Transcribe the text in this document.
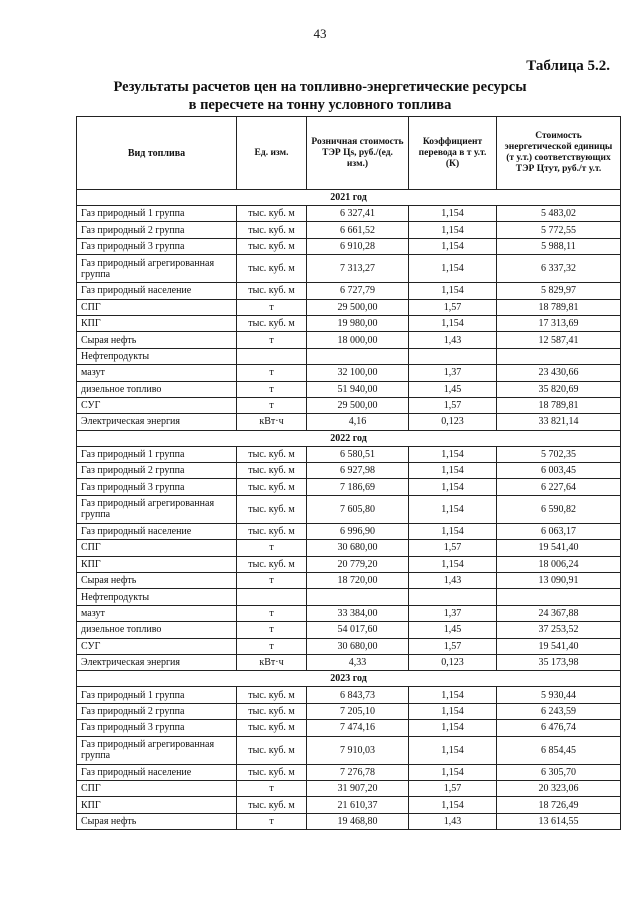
43
Таблица 5.2.
Результаты расчетов цен на топливно-энергетические ресурсы
в пересчете на тонну условного топлива
Вид топлива	Ед. изм.	Розничная стоимость ТЭР Цs, руб./(ед. изм.)	Коэффициент перевода в т у.т. (К)	Стоимость энергетической единицы (т у.т.) соответствующих ТЭР Цтут, руб./т у.т.
2021 год				
Газ природный 1 группа	тыс. куб. м	6 327,41	1,154	5 483,02
Газ природный 2 группа	тыс. куб. м	6 661,52	1,154	5 772,55
Газ природный 3 группа	тыс. куб. м	6 910,28	1,154	5 988,11
Газ природный агрегированная группа	тыс. куб. м	7 313,27	1,154	6 337,32
Газ природный население	тыс. куб. м	6 727,79	1,154	5 829,97
СПГ	т	29 500,00	1,57	18 789,81
КПГ	тыс. куб. м	19 980,00	1,154	17 313,69
Сырая нефть	т	18 000,00	1,43	12 587,41
Нефтепродукты				
мазут	т	32 100,00	1,37	23 430,66
дизельное топливо	т	51 940,00	1,45	35 820,69
СУГ	т	29 500,00	1,57	18 789,81
Электрическая энергия	кВт·ч	4,16	0,123	33 821,14
2022 год				
Газ природный 1 группа	тыс. куб. м	6 580,51	1,154	5 702,35
Газ природный 2 группа	тыс. куб. м	6 927,98	1,154	6 003,45
Газ природный 3 группа	тыс. куб. м	7 186,69	1,154	6 227,64
Газ природный агрегированная группа	тыс. куб. м	7 605,80	1,154	6 590,82
Газ природный население	тыс. куб. м	6 996,90	1,154	6 063,17
СПГ	т	30 680,00	1,57	19 541,40
КПГ	тыс. куб. м	20 779,20	1,154	18 006,24
Сырая нефть	т	18 720,00	1,43	13 090,91
Нефтепродукты				
мазут	т	33 384,00	1,37	24 367,88
дизельное топливо	т	54 017,60	1,45	37 253,52
СУГ	т	30 680,00	1,57	19 541,40
Электрическая энергия	кВт·ч	4,33	0,123	35 173,98
2023 год				
Газ природный 1 группа	тыс. куб. м	6 843,73	1,154	5 930,44
Газ природный 2 группа	тыс. куб. м	7 205,10	1,154	6 243,59
Газ природный 3 группа	тыс. куб. м	7 474,16	1,154	6 476,74
Газ природный агрегированная группа	тыс. куб. м	7 910,03	1,154	6 854,45
Газ природный население	тыс. куб. м	7 276,78	1,154	6 305,70
СПГ	т	31 907,20	1,57	20 323,06
КПГ	тыс. куб. м	21 610,37	1,154	18 726,49
Сырая нефть	т	19 468,80	1,43	13 614,55
